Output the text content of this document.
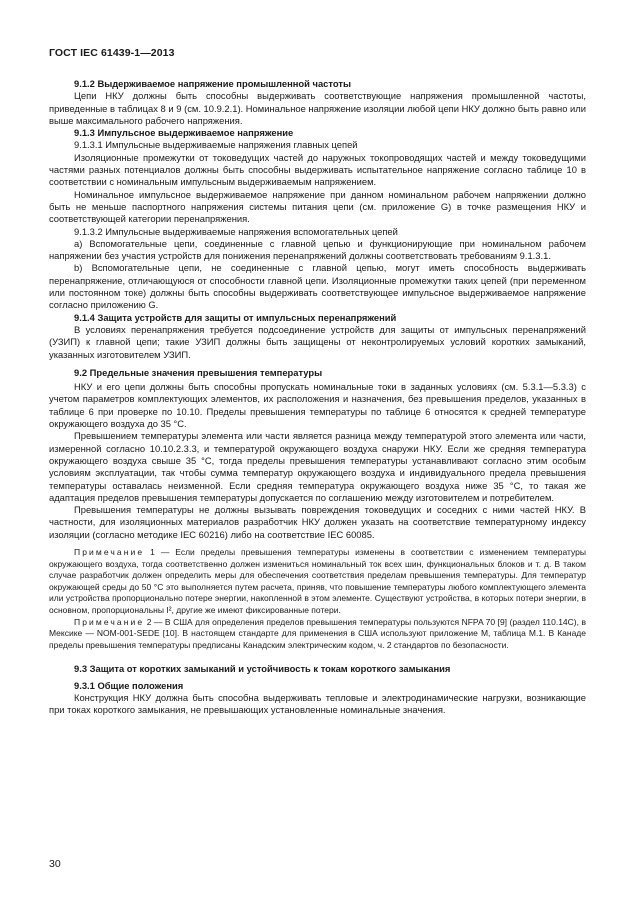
ГОСТ IEC 61439-1—2013

9.1.2 Выдерживаемое напряжение промышленной частоты

Цепи НКУ должны быть способны выдерживать соответствующие напряжения промышленной частоты, приведенные в таблицах 8 и 9 (см. 10.9.2.1). Номинальное напряжение изоляции любой цепи НКУ должно быть равно или выше максимального рабочего напряжения.

9.1.3 Импульсное выдерживаемое напряжение

9.1.3.1 Импульсные выдерживаемые напряжения главных цепей

Изоляционные промежутки от токоведущих частей до наружных токопроводящих частей и между токоведущими частями разных потенциалов должны быть способны выдерживать испытательное напряжение согласно таблице 10 в соответствии с номинальным импульсным выдерживаемым напряжением.

Номинальное импульсное выдерживаемое напряжение при данном номинальном рабочем напряжении должно быть не меньше паспортного напряжения системы питания цепи (см. приложение G) в точке размещения НКУ и соответствующей категории перенапряжения.

9.1.3.2 Импульсные выдерживаемые напряжения вспомогательных цепей

а) Вспомогательные цепи, соединенные с главной цепью и функционирующие при номинальном рабочем напряжении без участия устройств для понижения перенапряжений должны соответствовать требованиям 9.1.3.1.

b) Вспомогательные цепи, не соединенные с главной цепью, могут иметь способность выдерживать перенапряжение, отличающуюся от способности главной цепи. Изоляционные промежутки таких цепей (при переменном или постоянном токе) должны быть способны выдерживать соответствующее импульсное выдерживаемое напряжение согласно приложению G.

9.1.4 Защита устройств для защиты от импульсных перенапряжений

В условиях перенапряжения требуется подсоединение устройств для защиты от импульсных перенапряжений (УЗИП) к главной цепи; такие УЗИП должны быть защищены от неконтролируемых условий коротких замыканий, указанных изготовителем УЗИП.

9.2 Предельные значения превышения температуры

НКУ и его цепи должны быть способны пропускать номинальные токи в заданных условиях (см. 5.3.1—5.3.3) с учетом параметров комплектующих элементов, их расположения и назначения, без превышения пределов, указанных в таблице 6 при проверке по 10.10. Пределы превышения температуры по таблице 6 относятся к средней температуре окружающего воздуха до 35 °С.

Превышением температуры элемента или части является разница между температурой этого элемента или части, измеренной согласно 10.10.2.3.3, и температурой окружающего воздуха снаружи НКУ. Если же средняя температура окружающего воздуха свыше 35 °С, тогда пределы превышения температуры устанавливают согласно этим особым условиям эксплуатации, так чтобы сумма температур окружающего воздуха и индивидуального предела превышения температуры оставалась неизменной. Если средняя температура окружающего воздуха ниже 35 °С, то такая же адаптация пределов превышения температуры допускается по соглашению между изготовителем и потребителем.

Превышения температуры не должны вызывать повреждения токоведущих и соседних с ними частей НКУ. В частности, для изоляционных материалов разработчик НКУ должен указать на соответствие температурному индексу изоляции (согласно методике IEC 60216) либо на соответствие IEC 60085.

Примечание 1 — Если пределы превышения температуры изменены в соответствии с изменением температуры окружающего воздуха, тогда соответственно должен измениться номинальный ток всех шин, функциональных блоков и т. д. В таком случае разработчик должен определить меры для обеспечения соответствия пределам превышения температуры. Для температур окружающей среды до 50 °С это выполняется путем расчета, приняв, что повышение температуры любого комплектующего элемента или устройства пропорционально потере энергии, накопленной в этом элементе. Существуют устройства, в которых потери энергии, в основном, пропорциональны I², другие же имеют фиксированные потери.

Примечание 2 — В США для определения пределов превышения температуры пользуются NFPA 70 [9] (раздел 110.14С), в Мексике — NOM-001-SEDE [10]. В настоящем стандарте для применения в США используют приложение М, таблица М.1. В Канаде пределы превышения температуры предписаны Канадским электрическим кодом, ч. 2 стандартов по безопасности.

9.3 Защита от коротких замыканий и устойчивость к токам короткого замыкания

9.3.1 Общие положения

Конструкция НКУ должна быть способна выдерживать тепловые и электродинамические нагрузки, возникающие при токах короткого замыкания, не превышающих установленные номинальные значения.

30
